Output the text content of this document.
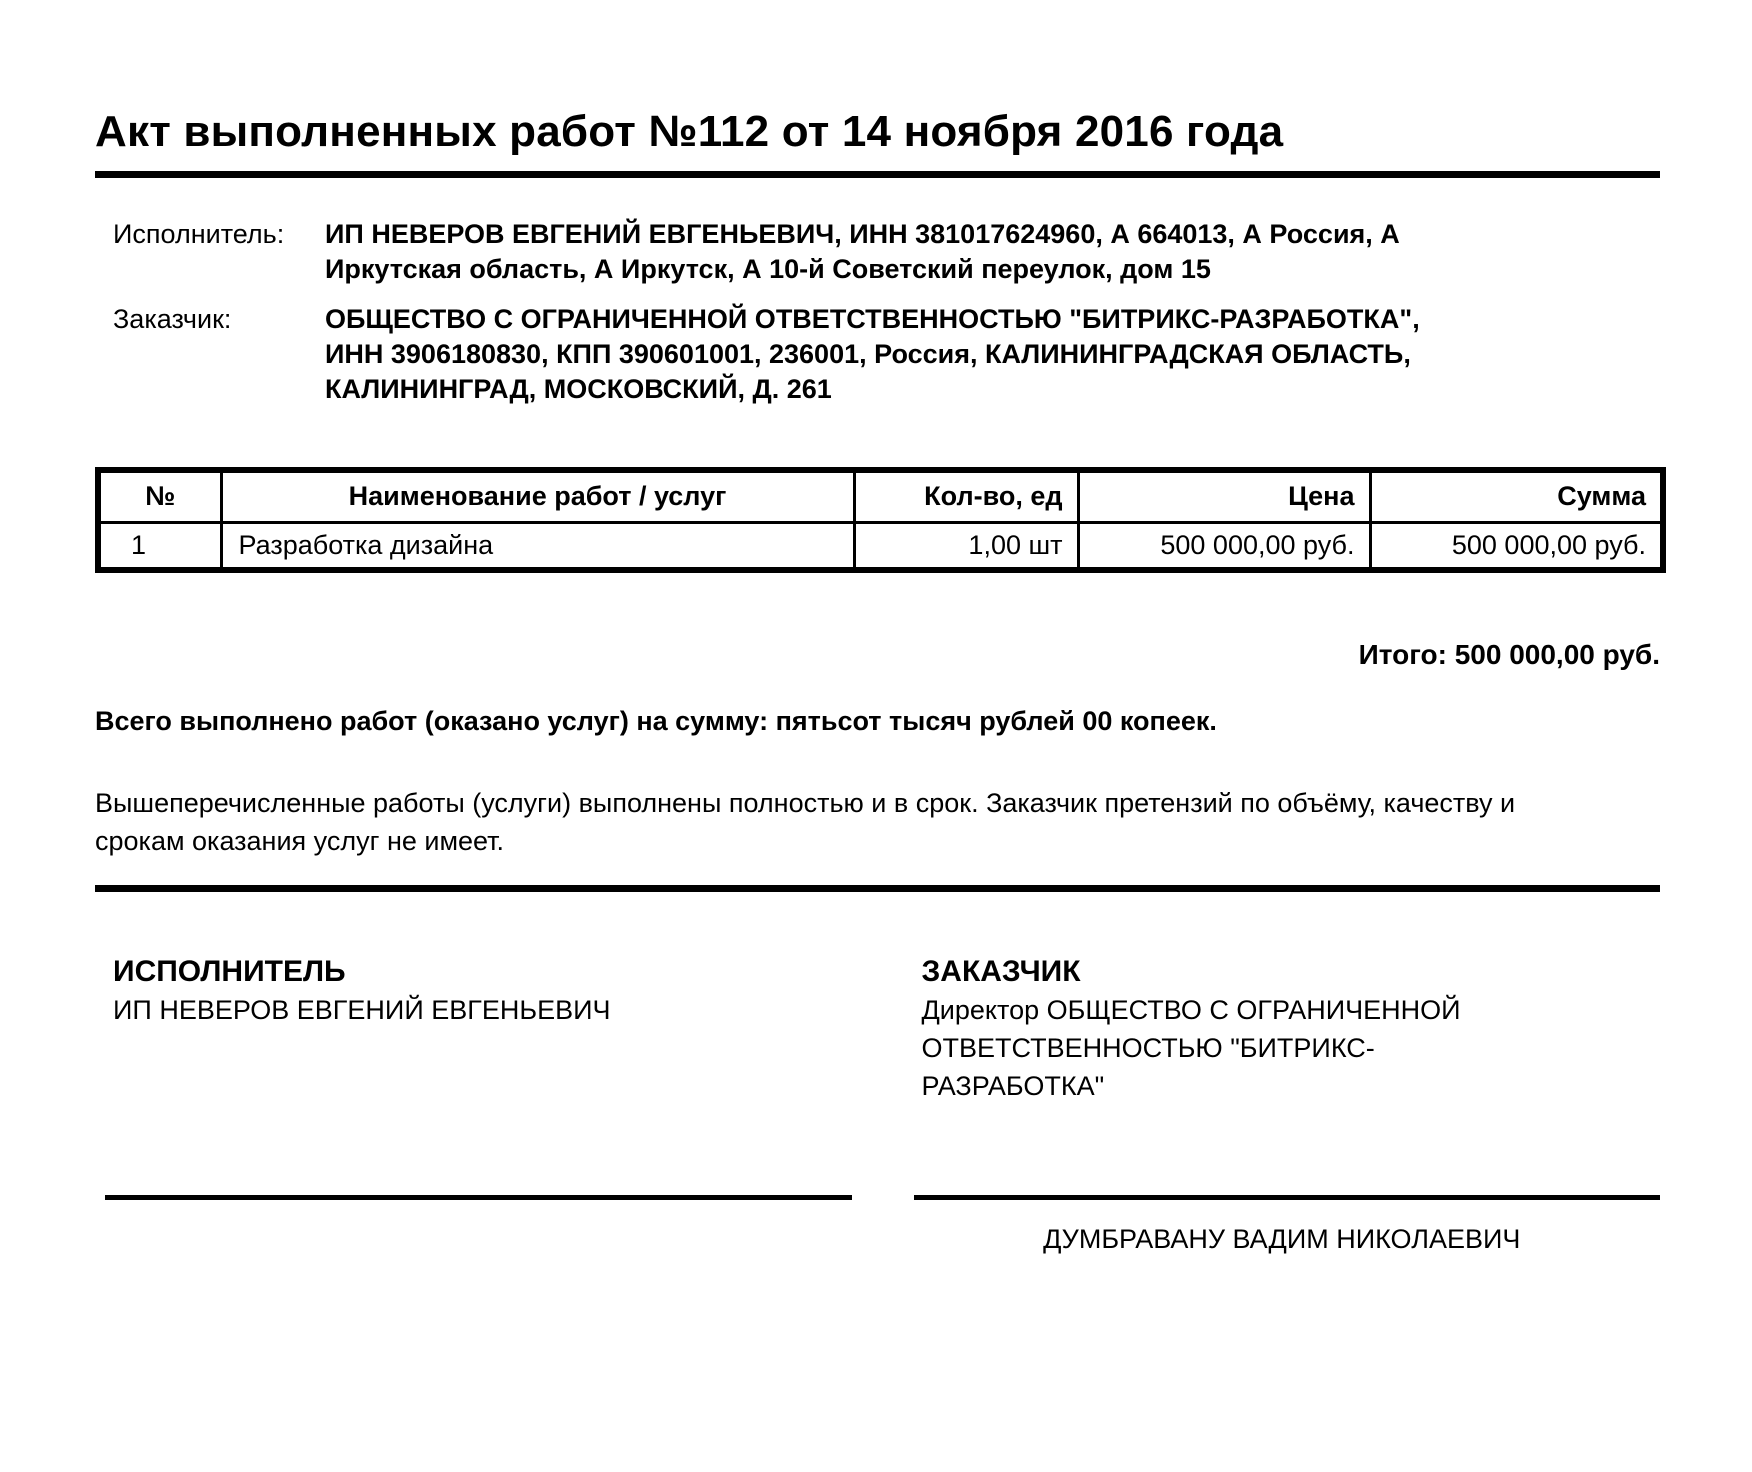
Акт выполненных работ №112 от 14 ноября 2016 года
Исполнитель:	ИП НЕВЕРОВ ЕВГЕНИЙ ЕВГЕНЬЕВИЧ, ИНН 381017624960, А 664013, А Россия, А Иркутская область, А Иркутск, А 10-й Советский переулок, дом 15
Заказчик:	ОБЩЕСТВО С ОГРАНИЧЕННОЙ ОТВЕТСТВЕННОСТЬЮ "БИТРИКС-РАЗРАБОТКА", ИНН 3906180830, КПП 390601001, 236001, Россия, КАЛИНИНГРАДСКАЯ ОБЛАСТЬ, КАЛИНИНГРАД, МОСКОВСКИЙ, Д. 261
№	Наименование работ / услуг	Кол-во, ед	Цена	Сумма
1	Разработка дизайна	1,00 шт	500 000,00 руб.	500 000,00 руб.
Итого: 500 000,00 руб.

Всего выполнено работ (оказано услуг) на сумму: пятьсот тысяч рублей 00 копеек.

Вышеперечисленные работы (услуги) выполнены полностью и в срок. Заказчик претензий по объёму, качеству и срокам оказания услуг не имеет.

ИСПОЛНИТЕЛЬ
ИП НЕВЕРОВ ЕВГЕНИЙ ЕВГЕНЬЕВИЧ
ЗАКАЗЧИК
Директор ОБЩЕСТВО С ОГРАНИЧЕННОЙ ОТВЕТСТВЕННОСТЬЮ "БИТРИКС-РАЗРАБОТКА"
ДУМБРАВАНУ ВАДИМ НИКОЛАЕВИЧ
